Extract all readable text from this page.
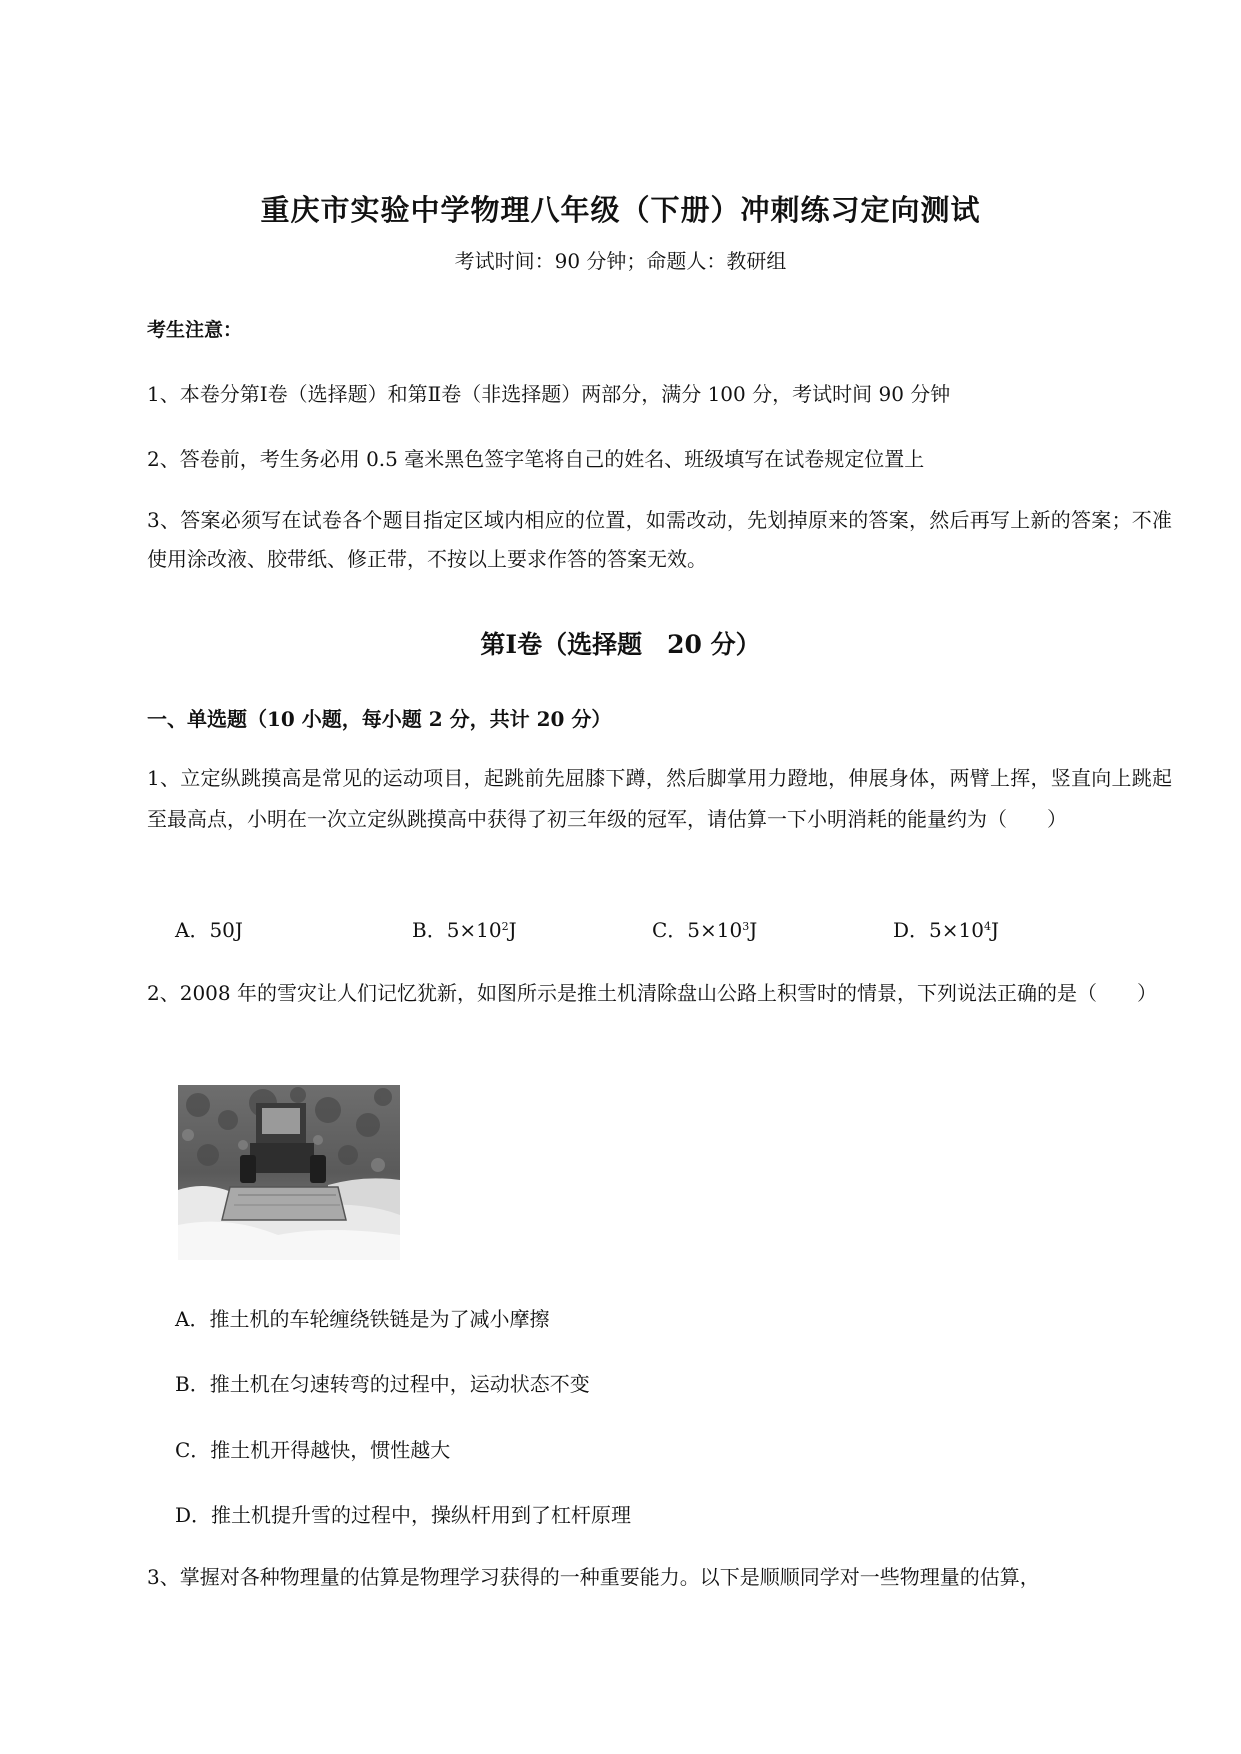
重庆市实验中学物理八年级（下册）冲刺练习定向测试
考试时间：90 分钟；命题人：教研组
考生注意：
1、本卷分第Ⅰ卷（选择题）和第Ⅱ卷（非选择题）两部分，满分 100 分，考试时间 90 分钟
2、答卷前，考生务必用 0.5 毫米黑色签字笔将自己的姓名、班级填写在试卷规定位置上
3、答案必须写在试卷各个题目指定区域内相应的位置，如需改动，先划掉原来的答案，然后再写上新的答案；不准使用涂改液、胶带纸、修正带，不按以上要求作答的答案无效。
第Ⅰ卷（选择题　20 分）
一、单选题（10 小题，每小题 2 分，共计 20 分）
1、立定纵跳摸高是常见的运动项目，起跳前先屈膝下蹲，然后脚掌用力蹬地，伸展身体，两臂上挥，竖直向上跳起至最高点，小明在一次立定纵跳摸高中获得了初三年级的冠军，请估算一下小明消耗的能量约为（　　）
A．50J	B．$5\times 10^2J$	C．$5\times 10^3J$	D．$5\times 10^4J$
2、2008 年的雪灾让人们记忆犹新，如图所示是推土机清除盘山公路上积雪时的情景，下列说法正确的是（　　）
A．推土机的车轮缠绕铁链是为了减小摩擦
B．推土机在匀速转弯的过程中，运动状态不变
C．推土机开得越快，惯性越大
D．推土机提升雪的过程中，操纵杆用到了杠杆原理
3、掌握对各种物理量的估算是物理学习获得的一种重要能力。以下是顺顺同学对一些物理量的估算，
